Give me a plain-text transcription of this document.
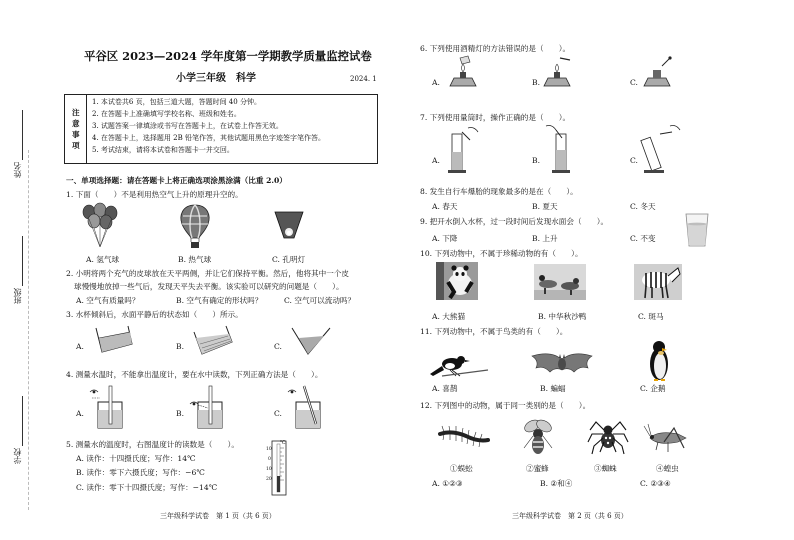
姓名
班级
学校
平谷区 2023—2024 学年度第一学期教学质量监控试卷
小学三年级　科学	2024. 1
注意事项
1. 本试卷共6 页，包括三道大题，答题时间 40 分钟。
2. 在答题卡上准确填写学校名称、班级和姓名。
3. 试题答案一律填涂或书写在答题卡上，在试卷上作答无效。
4. 在答题卡上，选择题用 2B 铅笔作答，其他试题用黑色字迹签字笔作答。
5. 考试结束，请将本试卷和答题卡一并交回。
一、单项选择题：请在答题卡上将正确选项涂黑涂满（比重 2.0）
1. 下面（　　）不是利用热空气上升的原理升空的。
A. 氢气球	B. 热气球	C. 孔明灯
2. 小明将两个充气的皮球放在天平两侧，并让它们保持平衡。然后，他将其中一个皮
球慢慢地放掉一些气后，发现天平失去平衡。该实验可以研究的问题是（　　）。
A. 空气有质量吗？	B. 空气有确定的形状吗？	C. 空气可以流动吗？
3. 水杯倾斜后，水面平静后的状态如（　　）所示。
A.	B.	C.
4. 测量水温时，不能拿出温度计，要在水中读数，下列正确方法是（　　）。
A.	B.	C.
5. 测量水的温度时，右图温度计的读数是（　　）。
A. 读作：十四摄氏度；写作：14℃
B. 读作：零下六摄氏度；写作：−6℃
C. 读作：零下十四摄氏度；写作：−14℃
℃
10
0
10
20
三年级科学试卷　第 1 页（共 6 页）
6. 下列使用酒精灯的方法错误的是（　　）。
A.	B.	C.
7. 下列使用量筒时，操作正确的是（　　）。
A.	B.	C.
8. 发生自行车爆胎的现象最多的是在（　　）。
A. 春天	B. 夏天	C. 冬天
9. 把开水倒入水杯，过一段时间后发现水面会（　　）。
A. 下降	B. 上升	C. 不变
10. 下列动物中，不属于珍稀动物的有（　　）。
A. 大熊猫	B. 中华秋沙鸭	C. 斑马
11. 下列动物中，不属于鸟类的有（　　）。
A. 喜鹊	B. 蝙蝠	C. 企鹅
12. 下列图中的动物，属于同一类别的是（　　）。
①蜈蚣	②蜜蜂	③蜘蛛	④蝗虫
A. ①②③	B. ②和④	C. ②③④
三年级科学试卷　第 2 页（共 6 页）
